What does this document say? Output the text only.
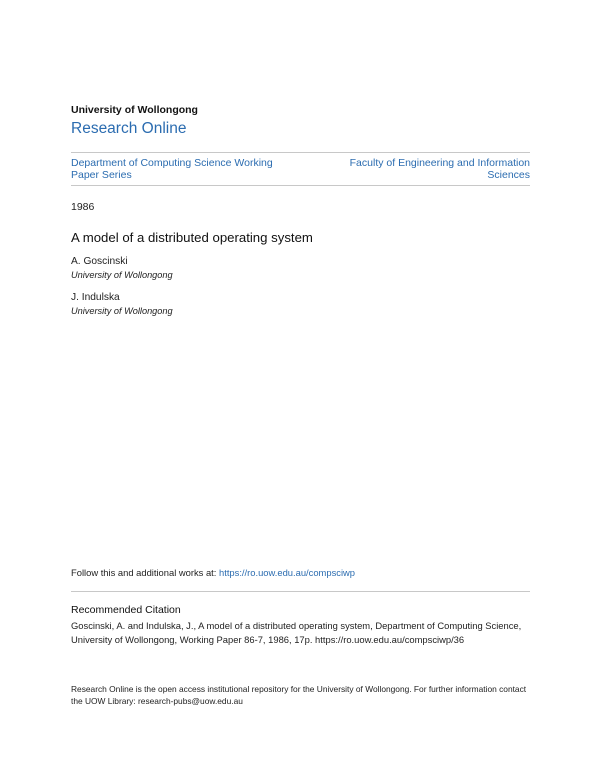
University of Wollongong
Research Online
Department of Computing Science Working Paper Series
Faculty of Engineering and Information Sciences
1986
A model of a distributed operating system
A. Goscinski
University of Wollongong
J. Indulska
University of Wollongong
Follow this and additional works at: https://ro.uow.edu.au/compsciwp
Recommended Citation
Goscinski, A. and Indulska, J., A model of a distributed operating system, Department of Computing Science, University of Wollongong, Working Paper 86-7, 1986, 17p. https://ro.uow.edu.au/compsciwp/36
Research Online is the open access institutional repository for the University of Wollongong. For further information contact the UOW Library: research-pubs@uow.edu.au
